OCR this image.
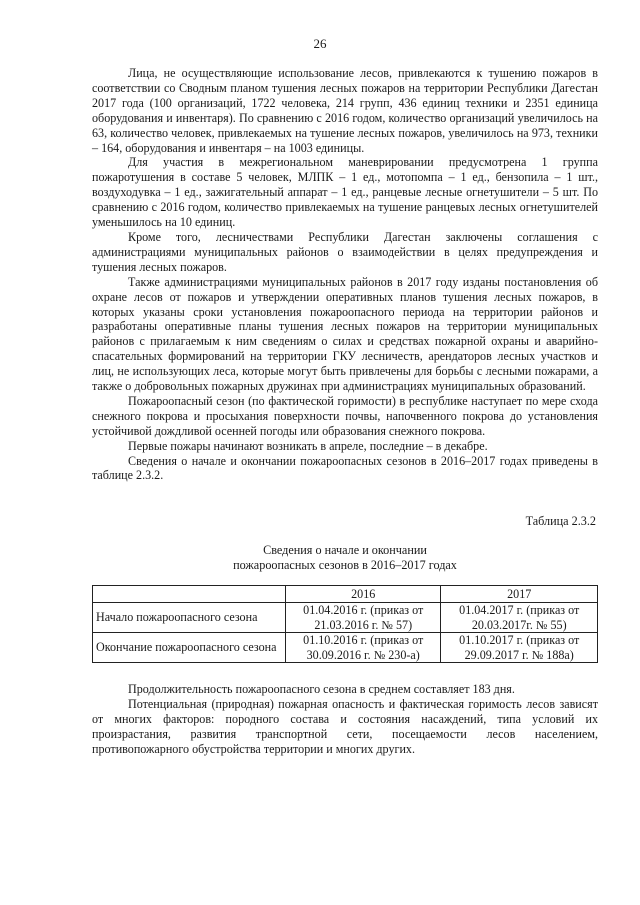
26

Лица, не осуществляющие использование лесов, привлекаются к тушению пожаров в соответствии со Сводным планом тушения лесных пожаров на территории Республики Дагестан 2017 года (100 организаций, 1722 человека, 214 групп, 436 единиц техники и 2351 единица оборудования и инвентаря). По сравнению с 2016 годом, количество организаций увеличилось на 63, количество человек, привлекаемых на тушение лесных пожаров, увеличилось на 973, техники – 164, оборудования и инвентаря – на 1003 единицы.

Для участия в межрегиональном маневрировании предусмотрена 1 группа пожаротушения в составе 5 человек, МЛПК – 1 ед., мотопомпа – 1 ед., бензопила – 1 шт., воздуходувка – 1 ед., зажигательный аппарат – 1 ед., ранцевые лесные огнетушители – 5 шт. По сравнению с 2016 годом, количество привлекаемых на тушение ранцевых лесных огнетушителей уменьшилось на 10 единиц.

Кроме того, лесничествами Республики Дагестан заключены соглашения с администрациями муниципальных районов о взаимодействии в целях предупреждения и тушения лесных пожаров.

Также администрациями муниципальных районов в 2017 году изданы постановления об охране лесов от пожаров и утверждении оперативных планов тушения лесных пожаров, в которых указаны сроки установления пожароопасного периода на территории районов и разработаны оперативные планы тушения лесных пожаров на территории муниципальных районов с прилагаемым к ним сведениям о силах и средствах пожарной охраны и аварийно-спасательных формирований на территории ГКУ лесничеств, арендаторов лесных участков и лиц, не использующих леса, которые могут быть привлечены для борьбы с лесными пожарами, а также о добровольных пожарных дружинах при администрациях муниципальных образований.

Пожароопасный сезон (по фактической горимости) в республике наступает по мере схода снежного покрова и просыхания поверхности почвы, напочвенного покрова до установления устойчивой дождливой осенней погоды или образования снежного покрова.

Первые пожары начинают возникать в апреле, последние – в декабре.

Сведения о начале и окончании пожароопасных сезонов в 2016–2017 годах приведены в таблице 2.3.2.

Таблица 2.3.2
Сведения о начале и окончании
пожароопасных сезонов в 2016–2017 годах
	2016	2017
Начало пожароопасного сезона	01.04.2016 г. (приказ от 21.03.2016 г. № 57)	01.04.2017 г. (приказ от 20.03.2017г. № 55)
Окончание пожароопасного сезона	01.10.2016 г. (приказ от 30.09.2016 г. № 230-а)	01.10.2017 г. (приказ от 29.09.2017 г. № 188а)

Продолжительность пожароопасного сезона в среднем составляет 183 дня.

Потенциальная (природная) пожарная опасность и фактическая горимость лесов зависят от многих факторов: породного состава и состояния насаждений, типа условий их произрастания, развития транспортной сети, посещаемости лесов населением, противопожарного обустройства территории и многих других.
